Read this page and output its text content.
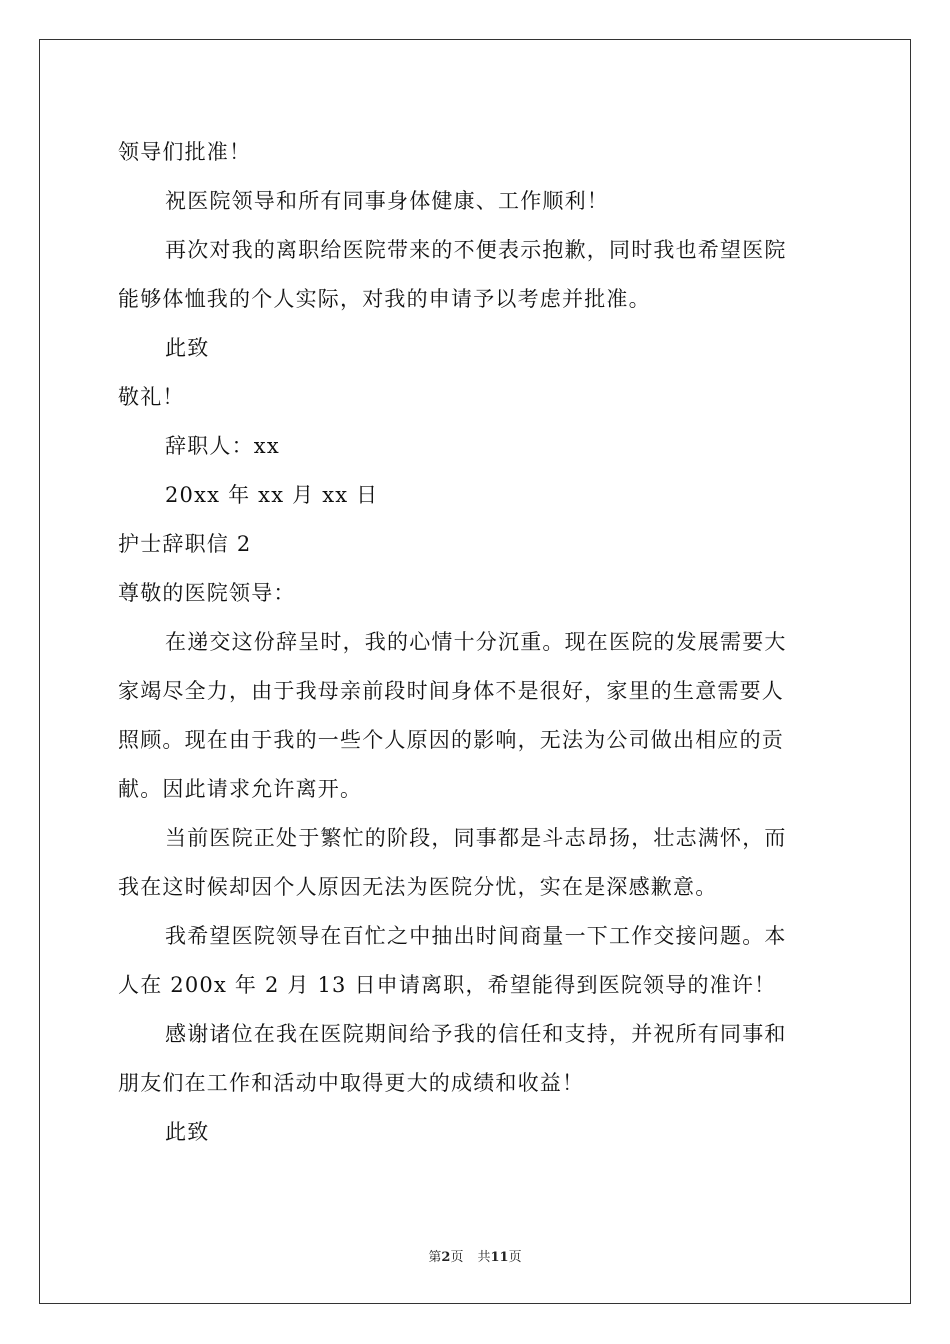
领导们批准！
祝医院领导和所有同事身体健康、工作顺利！
再次对我的离职给医院带来的不便表示抱歉，同时我也希望医院
能够体恤我的个人实际，对我的申请予以考虑并批准。
此致
敬礼！
辞职人：xx
20xx 年 xx 月 xx 日
护士辞职信 2
尊敬的医院领导：
在递交这份辞呈时，我的心情十分沉重。现在医院的发展需要大
家竭尽全力，由于我母亲前段时间身体不是很好，家里的生意需要人
照顾。现在由于我的一些个人原因的影响，无法为公司做出相应的贡
献。因此请求允许离开。
当前医院正处于繁忙的阶段，同事都是斗志昂扬，壮志满怀，而
我在这时候却因个人原因无法为医院分忧，实在是深感歉意。
我希望医院领导在百忙之中抽出时间商量一下工作交接问题。本
人在 200x 年 2 月 13 日申请离职，希望能得到医院领导的准许！
感谢诸位在我在医院期间给予我的信任和支持，并祝所有同事和
朋友们在工作和活动中取得更大的成绩和收益！
此致
第2页 共11页
